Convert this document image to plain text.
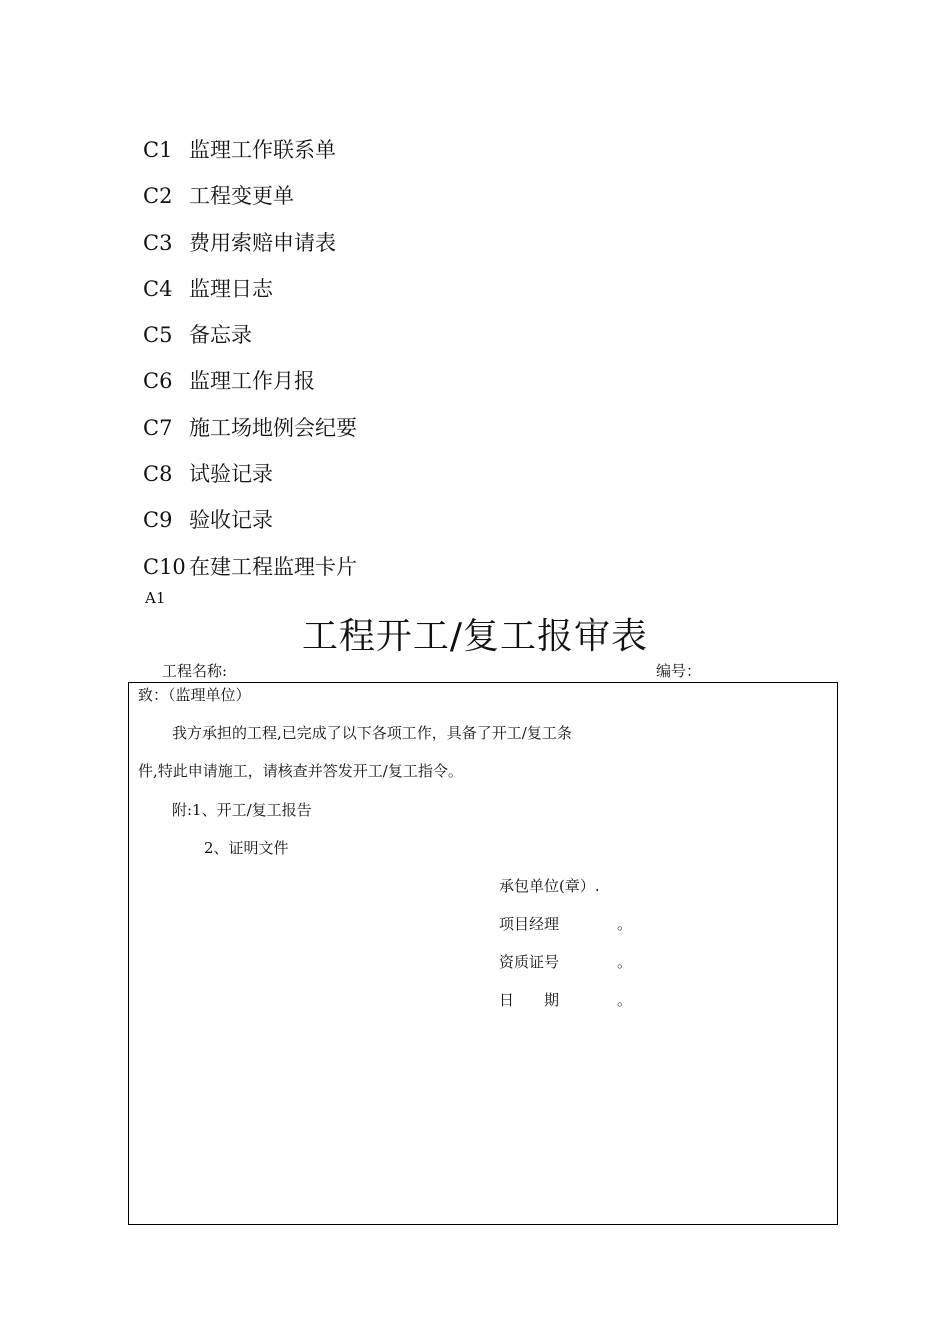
C1 监理工作联系单
C2 工程变更单
C3 费用索赔申请表
C4 监理日志
C5 备忘录
C6 监理工作月报
C7 施工场地例会纪要
C8 试验记录
C9 验收记录
C10 在建工程监理卡片
A1
工程开工/复工报审表
工程名称:	编号：
致：（监理单位）
我方承担的工程,已完成了以下各项工作，具备了开工/复工条
件,特此申请施工，请核查并答发开工/复工指令。
附:1、开工/复工报告
2、证明文件
承包单位(章）.
项目经理	。
资质证号	。
日　　期	。
